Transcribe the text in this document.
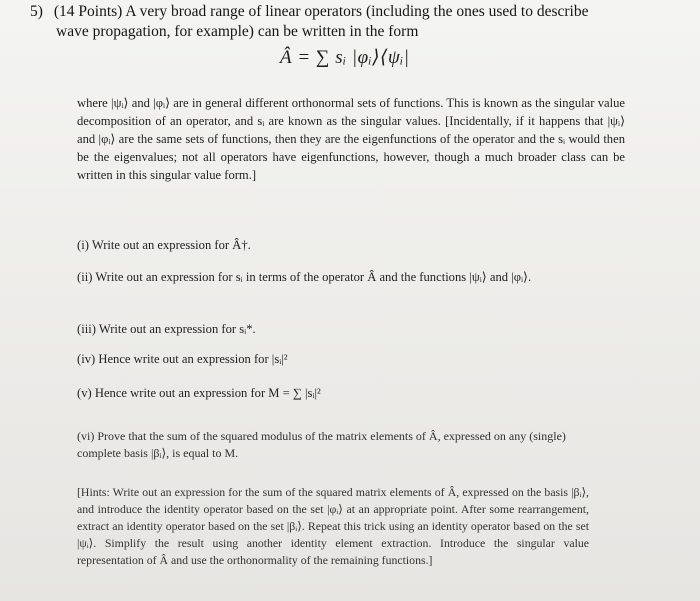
5) (14 Points) A very broad range of linear operators (including the ones used to describe
wave propagation, for example) can be written in the form
Â = ∑ sᵢ |φᵢ⟩⟨ψᵢ|

where |ψᵢ⟩ and |φᵢ⟩ are in general different orthonormal sets of functions. This is known as the singular value decomposition of an operator, and sᵢ are known as the singular values. [Incidentally, if it happens that |ψᵢ⟩ and |φᵢ⟩ are the same sets of functions, then they are the eigenfunctions of the operator and the sᵢ would then be the eigenvalues; not all operators have eigenfunctions, however, though a much broader class can be written in this singular value form.]

(i) Write out an expression for Â†.
(ii) Write out an expression for sᵢ in terms of the operator Â and the functions |ψᵢ⟩ and |φᵢ⟩.
(iii) Write out an expression for sᵢ*.
(iv) Hence write out an expression for |sᵢ|²
(v) Hence write out an expression for M = ∑ |sᵢ|²
(vi) Prove that the sum of the squared modulus of the matrix elements of Â, expressed on any (single) complete basis |βᵢ⟩, is equal to M.
[Hints: Write out an expression for the sum of the squared matrix elements of Â, expressed on the basis |βᵢ⟩, and introduce the identity operator based on the set |φᵢ⟩ at an appropriate point. After some rearrangement, extract an identity operator based on the set |βᵢ⟩. Repeat this trick using an identity operator based on the set |ψᵢ⟩. Simplify the result using another identity element extraction. Introduce the singular value representation of Â and use the orthonormality of the remaining functions.]
